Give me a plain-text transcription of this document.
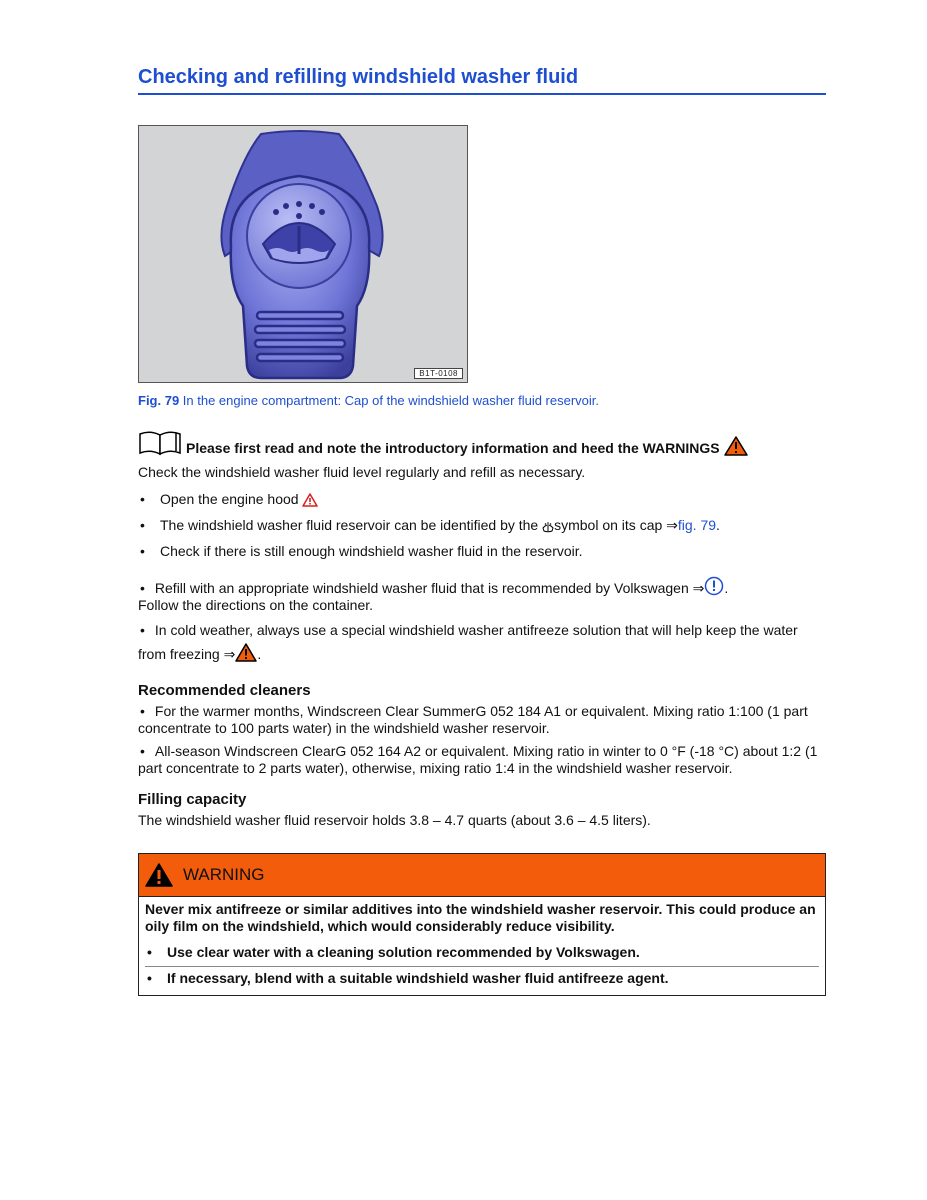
Checking and refilling windshield washer fluid
B1T-0108
Fig. 79 In the engine compartment: Cap of the windshield washer fluid reservoir.
Please first read and note the introductory information and heed the WARNINGS

Check the windshield washer fluid level regularly and refill as necessary.

• Open the engine hood
• The windshield washer fluid reservoir can be identified by the symbol on its cap ⇒fig. 79.
• Check if there is still enough windshield washer fluid in the reservoir.
• Refill with an appropriate windshield washer fluid that is recommended by Volkswagen ⇒ .
Follow the directions on the container.
• In cold weather, always use a special windshield washer antifreeze solution that will help keep the water from freezing ⇒ .
Recommended cleaners

• For the warmer months, Windscreen Clear SummerG 052 184 A1 or equivalent. Mixing ratio 1:100 (1 part concentrate to 100 parts water) in the windshield washer reservoir.

• All-season Windscreen ClearG 052 164 A2 or equivalent. Mixing ratio in winter to 0 °F (-18 °C) about 1:2 (1 part concentrate to 2 parts water), otherwise, mixing ratio 1:4 in the windshield washer reservoir.

Filling capacity

The windshield washer fluid reservoir holds 3.8 – 4.7 quarts (about 3.6 – 4.5 liters).

WARNING
Never mix antifreeze or similar additives into the windshield washer reservoir. This could produce an oily film on the windshield, which would considerably reduce visibility.
• Use clear water with a cleaning solution recommended by Volkswagen.
• If necessary, blend with a suitable windshield washer fluid antifreeze agent.
